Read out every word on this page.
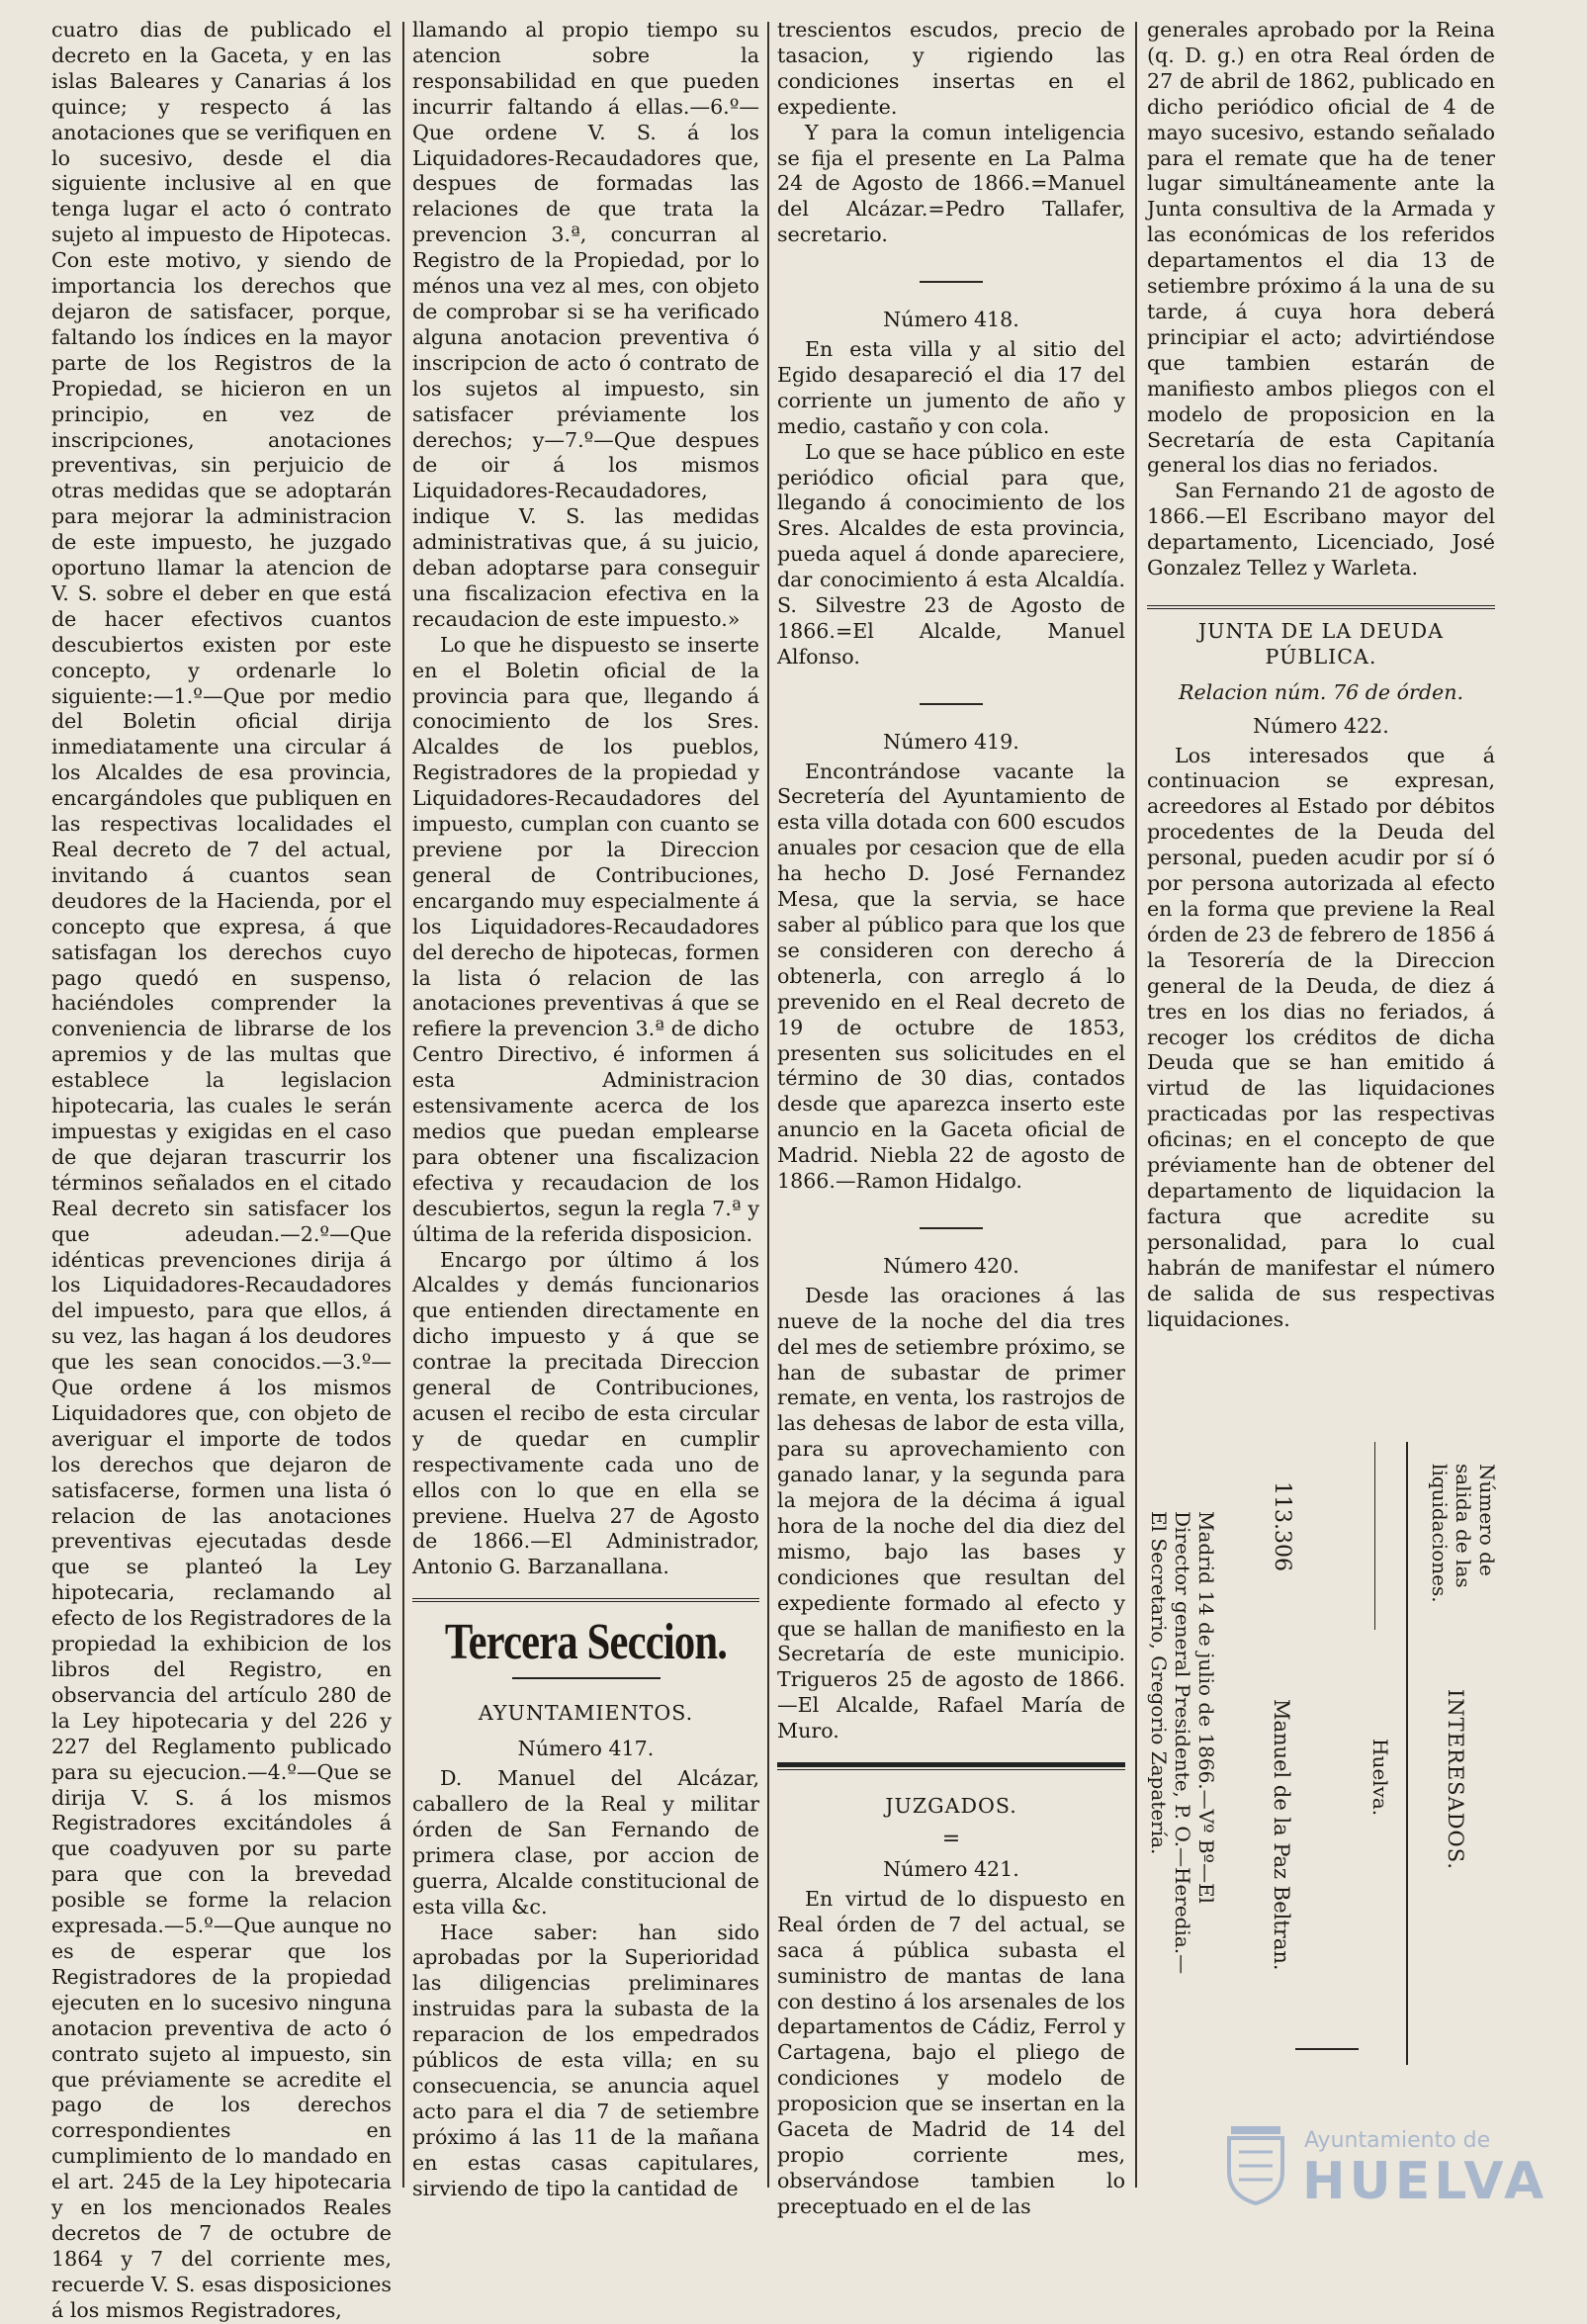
cuatro dias de publicado el decreto en la Gaceta, y en las islas Baleares y Canarias á los quince; y respecto á las anotaciones que se verifiquen en lo sucesivo, desde el dia siguiente inclusive al en que tenga lugar el acto ó contrato sujeto al impuesto de Hipotecas. Con este motivo, y siendo de importancia los derechos que dejaron de satisfacer, porque, faltando los índices en la mayor parte de los Registros de la Propiedad, se hicieron en un principio, en vez de inscripciones, anotaciones preventivas, sin perjuicio de otras medidas que se adoptarán para mejorar la administracion de este impuesto, he juzgado oportuno llamar la atencion de V. S. sobre el deber en que está de hacer efectivos cuantos descubiertos existen por este concepto, y ordenarle lo siguiente:—1.º—Que por medio del Boletin oficial dirija inmediatamente una circular á los Alcaldes de esa provincia, encargándoles que publiquen en las respectivas localidades el Real decreto de 7 del actual, invitando á cuantos sean deudores de la Hacienda, por el concepto que expresa, á que satisfagan los derechos cuyo pago quedó en suspenso, haciéndoles comprender la conveniencia de librarse de los apremios y de las multas que establece la legislacion hipotecaria, las cuales le serán impuestas y exigidas en el caso de que dejaran trascurrir los términos señalados en el citado Real decreto sin satisfacer los que adeudan.—2.º—Que idénticas prevenciones dirija á los Liquidadores-Recaudadores del impuesto, para que ellos, á su vez, las hagan á los deudores que les sean conocidos.—3.º—Que ordene á los mismos Liquidadores que, con objeto de averiguar el importe de todos los derechos que dejaron de satisfacerse, formen una lista ó relacion de las anotaciones preventivas ejecutadas desde que se planteó la Ley hipotecaria, reclamando al efecto de los Registradores de la propiedad la exhibicion de los libros del Registro, en observancia del artículo 280 de la Ley hipotecaria y del 226 y 227 del Reglamento publicado para su ejecucion.—4.º—Que se dirija V. S. á los mismos Registradores excitándoles á que coadyuven por su parte para que con la brevedad posible se forme la relacion expresada.—5.º—Que aunque no es de esperar que los Registradores de la propiedad ejecuten en lo sucesivo ninguna anotacion preventiva de acto ó contrato sujeto al impuesto, sin que préviamente se acredite el pago de los derechos correspondientes en cumplimiento de lo mandado en el art. 245 de la Ley hipotecaria y en los mencionados Reales decretos de 7 de octubre de 1864 y 7 del corriente mes, recuerde V. S. esas disposiciones á los mismos Registradores,

llamando al propio tiempo su atencion sobre la responsabilidad en que pueden incurrir faltando á ellas.—6.º—Que ordene V. S. á los Liquidadores-Recaudadores que, despues de formadas las relaciones de que trata la prevencion 3.ª, concurran al Registro de la Propiedad, por lo ménos una vez al mes, con objeto de comprobar si se ha verificado alguna anotacion preventiva ó inscripcion de acto ó contrato de los sujetos al impuesto, sin satisfacer préviamente los derechos; y—7.º—Que despues de oir á los mismos Liquidadores-Recaudadores, indique V. S. las medidas administrativas que, á su juicio, deban adoptarse para conseguir una fiscalizacion efectiva en la recaudacion de este impuesto.»

Lo que he dispuesto se inserte en el Boletin oficial de la provincia para que, llegando á conocimiento de los Sres. Alcaldes de los pueblos, Registradores de la propiedad y Liquidadores-Recaudadores del impuesto, cumplan con cuanto se previene por la Direccion general de Contribuciones, encargando muy especialmente á los Liquidadores-Recaudadores del derecho de hipotecas, formen la lista ó relacion de las anotaciones preventivas á que se refiere la prevencion 3.ª de dicho Centro Directivo, é informen á esta Administracion estensivamente acerca de los medios que puedan emplearse para obtener una fiscalizacion efectiva y recaudacion de los descubiertos, segun la regla 7.ª y última de la referida disposicion.

Encargo por último á los Alcaldes y demás funcionarios que entienden directamente en dicho impuesto y á que se contrae la precitada Direccion general de Contribuciones, acusen el recibo de esta circular y de quedar en cumplir respectivamente cada uno de ellos con lo que en ella se previene. Huelva 27 de Agosto de 1866.—El Administrador, Antonio G. Barzanallana.

Tercera Seccion.
AYUNTAMIENTOS.
Número 417.

D. Manuel del Alcázar, caballero de la Real y militar órden de San Fernando de primera clase, por accion de guerra, Alcalde constitucional de esta villa &c.

Hace saber: han sido aprobadas por la Superioridad las diligencias preliminares instruidas para la subasta de la reparacion de los empedrados públicos de esta villa; en su consecuencia, se anuncia aquel acto para el dia 7 de setiembre próximo á las 11 de la mañana en estas casas capitulares, sirviendo de tipo la cantidad de

trescientos escudos, precio de tasacion, y rigiendo las condiciones insertas en el expediente.

Y para la comun inteligencia se fija el presente en La Palma 24 de Agosto de 1866.=Manuel del Alcázar.=Pedro Tallafer, secretario.

Número 418.

En esta villa y al sitio del Egido desapareció el dia 17 del corriente un jumento de año y medio, castaño y con cola.

Lo que se hace público en este periódico oficial para que, llegando á conocimiento de los Sres. Alcaldes de esta provincia, pueda aquel á donde apareciere, dar conocimiento á esta Alcaldía. S. Silvestre 23 de Agosto de 1866.=El Alcalde, Manuel Alfonso.

Número 419.

Encontrándose vacante la Secretería del Ayuntamiento de esta villa dotada con 600 escudos anuales por cesacion que de ella ha hecho D. José Fernandez Mesa, que la servia, se hace saber al público para que los que se consideren con derecho á obtenerla, con arreglo á lo prevenido en el Real decreto de 19 de octubre de 1853, presenten sus solicitudes en el término de 30 dias, contados desde que aparezca inserto este anuncio en la Gaceta oficial de Madrid. Niebla 22 de agosto de 1866.—Ramon Hidalgo.

Número 420.

Desde las oraciones á las nueve de la noche del dia tres del mes de setiembre próximo, se han de subastar de primer remate, en venta, los rastrojos de las dehesas de labor de esta villa, para su aprovechamiento con ganado lanar, y la segunda para la mejora de la décima á igual hora de la noche del dia diez del mismo, bajo las bases y condiciones que resultan del expediente formado al efecto y que se hallan de manifiesto en la Secretaría de este municipio. Trigueros 25 de agosto de 1866.—El Alcalde, Rafael María de Muro.

JUZGADOS.
=
Número 421.

En virtud de lo dispuesto en Real órden de 7 del actual, se saca á pública subasta el suministro de mantas de lana con destino á los arsenales de los departamentos de Cádiz, Ferrol y Cartagena, bajo el pliego de condiciones y modelo de proposicion que se insertan en la Gaceta de Madrid de 14 del propio corriente mes, observándose tambien lo preceptuado en el de las

generales aprobado por la Reina (q. D. g.) en otra Real órden de 27 de abril de 1862, publicado en dicho periódico oficial de 4 de mayo sucesivo, estando señalado para el remate que ha de tener lugar simultáneamente ante la Junta consultiva de la Armada y las económicas de los referidos departamentos el dia 13 de setiembre próximo á la una de su tarde, á cuya hora deberá principiar el acto; advirtiéndose que tambien estarán de manifiesto ambos pliegos con el modelo de proposicion en la Secretaría de esta Capitanía general los dias no feriados.

San Fernando 21 de agosto de 1866.—El Escribano mayor del departamento, Licenciado, José Gonzalez Tellez y Warleta.

JUNTA DE LA DEUDA PÚBLICA.
Relacion núm. 76 de órden.
Número 422.

Los interesados que á continuacion se expresan, acreedores al Estado por débitos procedentes de la Deuda del personal, pueden acudir por sí ó por persona autorizada al efecto en la forma que previene la Real órden de 23 de febrero de 1856 á la Tesorería de la Direccion general de la Deuda, de diez á tres en los dias no feriados, á recoger los créditos de dicha Deuda que se han emitido á virtud de las liquidaciones practicadas por las respectivas oficinas; en el concepto de que préviamente han de obtener del departamento de liquidacion la factura que acredite su personalidad, para lo cual habrán de manifestar el número de salida de sus respectivas liquidaciones.

Número de salida de las liquidaciones.
INTERESADOS.
Huelva.
113.306
Manuel de la Paz Beltran.
Madrid 14 de julio de 1866.—Vº Bº—El Director general Presidente, P. O.—Heredia.—El Secretario, Gregorio Zapatería.
Ayuntamiento de
HUELVA
